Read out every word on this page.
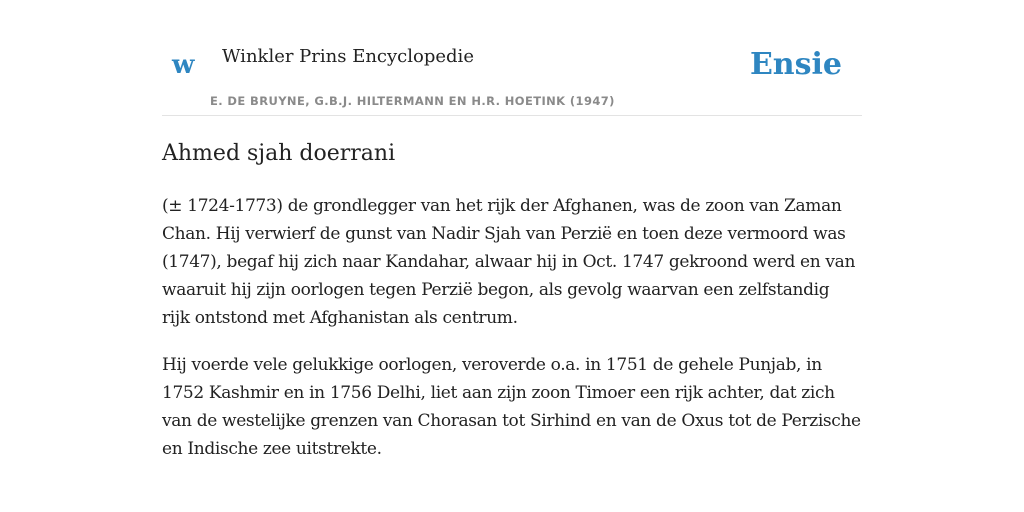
w Winkler Prins Encyclopedie
E. DE BRUYNE, G.B.J. HILTERMANN EN H.R. HOETINK (1947)
Ensie
Ahmed sjah doerrani

(± 1724-1773) de grondlegger van het rijk der Afghanen, was de zoon van Zaman Chan. Hij verwierf de gunst van Nadir Sjah van Perzië en toen deze vermoord was (1747), begaf hij zich naar Kandahar, alwaar hij in Oct. 1747 gekroond werd en van waaruit hij zijn oorlogen tegen Perzië begon, als gevolg waarvan een zelfstandig rijk ontstond met Afghanistan als centrum.

Hij voerde vele gelukkige oorlogen, veroverde o.a. in 1751 de gehele Punjab, in 1752 Kashmir en in 1756 Delhi, liet aan zijn zoon Timoer een rijk achter, dat zich van de westelijke grenzen van Chorasan tot Sirhind en van de Oxus tot de Perzische en Indische zee uitstrekte.
